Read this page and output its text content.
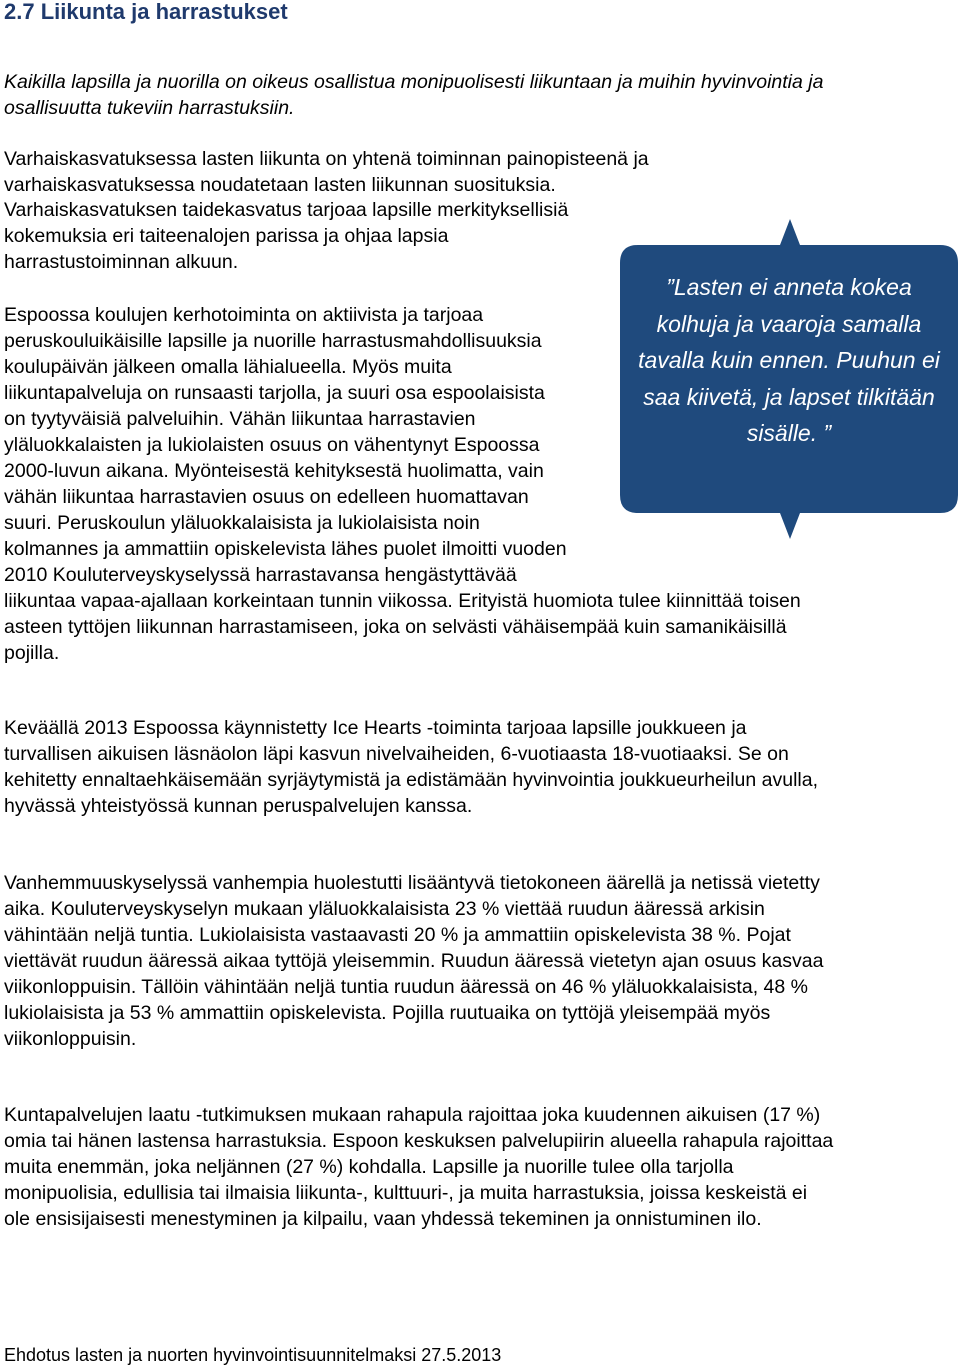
2.7 Liikunta ja harrastukset
Kaikilla lapsilla ja nuorilla on oikeus osallistua monipuolisesti liikuntaan ja muihin hyvinvointia ja osallisuutta tukeviin harrastuksiin.
Varhaiskasvatuksessa lasten liikunta on yhtenä toiminnan painopisteenä ja varhaiskasvatuksessa noudatetaan lasten liikunnan suosituksia.
Varhaiskasvatuksen taidekasvatus tarjoaa lapsille merkityksellisiä kokemuksia eri taiteenalojen parissa ja ohjaa lapsia harrastustoiminnan alkuun.
Espoossa koulujen kerhotoiminta on aktiivista ja tarjoaa peruskouluikäisille lapsille ja nuorille harrastusmahdollisuuksia koulupäivän jälkeen omalla lähialueella. Myös muita liikuntapalveluja on runsaasti tarjolla, ja suuri osa espoolaisista on tyytyväisiä palveluihin. Vähän liikuntaa harrastavien yläluokkalaisten ja lukiolaisten osuus on vähentynyt Espoossa 2000-luvun aikana. Myönteisestä kehityksestä huolimatta, vain vähän liikuntaa harrastavien osuus on edelleen huomattavan suuri. Peruskoulun yläluokkalaisista ja lukiolaisista noin kolmannes ja ammattiin opiskelevista lähes puolet ilmoitti vuoden 2010 Kouluterveyskyselyssä harrastavansa hengästyttävää liikuntaa vapaa-ajallaan korkeintaan tunnin viikossa. Erityistä huomiota tulee kiinnittää toisen asteen tyttöjen liikunnan harrastamiseen, joka on selvästi vähäisempää kuin samanikäisillä pojilla.
”Lasten ei anneta kokea kolhuja ja vaaroja samalla tavalla kuin ennen. Puuhun ei saa kiivetä, ja lapset tilkitään sisälle. ”
Keväällä 2013 Espoossa käynnistetty Ice Hearts -toiminta tarjoaa lapsille joukkueen ja turvallisen aikuisen läsnäolon läpi kasvun nivelvaiheiden, 6-vuotiaasta 18-vuotiaaksi. Se on kehitetty ennaltaehkäisemään syrjäytymistä ja edistämään hyvinvointia joukkueurheilun avulla, hyvässä yhteistyössä kunnan peruspalvelujen kanssa.
Vanhemmuuskyselyssä vanhempia huolestutti lisääntyvä tietokoneen äärellä ja netissä vietetty aika. Kouluterveyskyselyn mukaan yläluokkalaisista 23 % viettää ruudun ääressä arkisin vähintään neljä tuntia. Lukiolaisista vastaavasti 20 % ja ammattiin opiskelevista 38 %. Pojat viettävät ruudun ääressä aikaa tyttöjä yleisemmin. Ruudun ääressä vietetyn ajan osuus kasvaa viikonloppuisin. Tällöin vähintään neljä tuntia ruudun ääressä on 46 % yläluokkalaisista, 48 % lukiolaisista ja 53 % ammattiin opiskelevista. Pojilla ruutuaika on tyttöjä yleisempää myös viikonloppuisin.
Kuntapalvelujen laatu -tutkimuksen mukaan rahapula rajoittaa joka kuudennen aikuisen (17 %) omia tai hänen lastensa harrastuksia. Espoon keskuksen palvelupiirin alueella rahapula rajoittaa muita enemmän, joka neljännen (27 %) kohdalla. Lapsille ja nuorille tulee olla tarjolla monipuolisia, edullisia tai ilmaisia liikunta-, kulttuuri-, ja muita harrastuksia, joissa keskeistä ei ole ensisijaisesti menestyminen ja kilpailu, vaan yhdessä tekeminen ja onnistuminen ilo.
Ehdotus lasten ja nuorten hyvinvointisuunnitelmaksi 27.5.2013
